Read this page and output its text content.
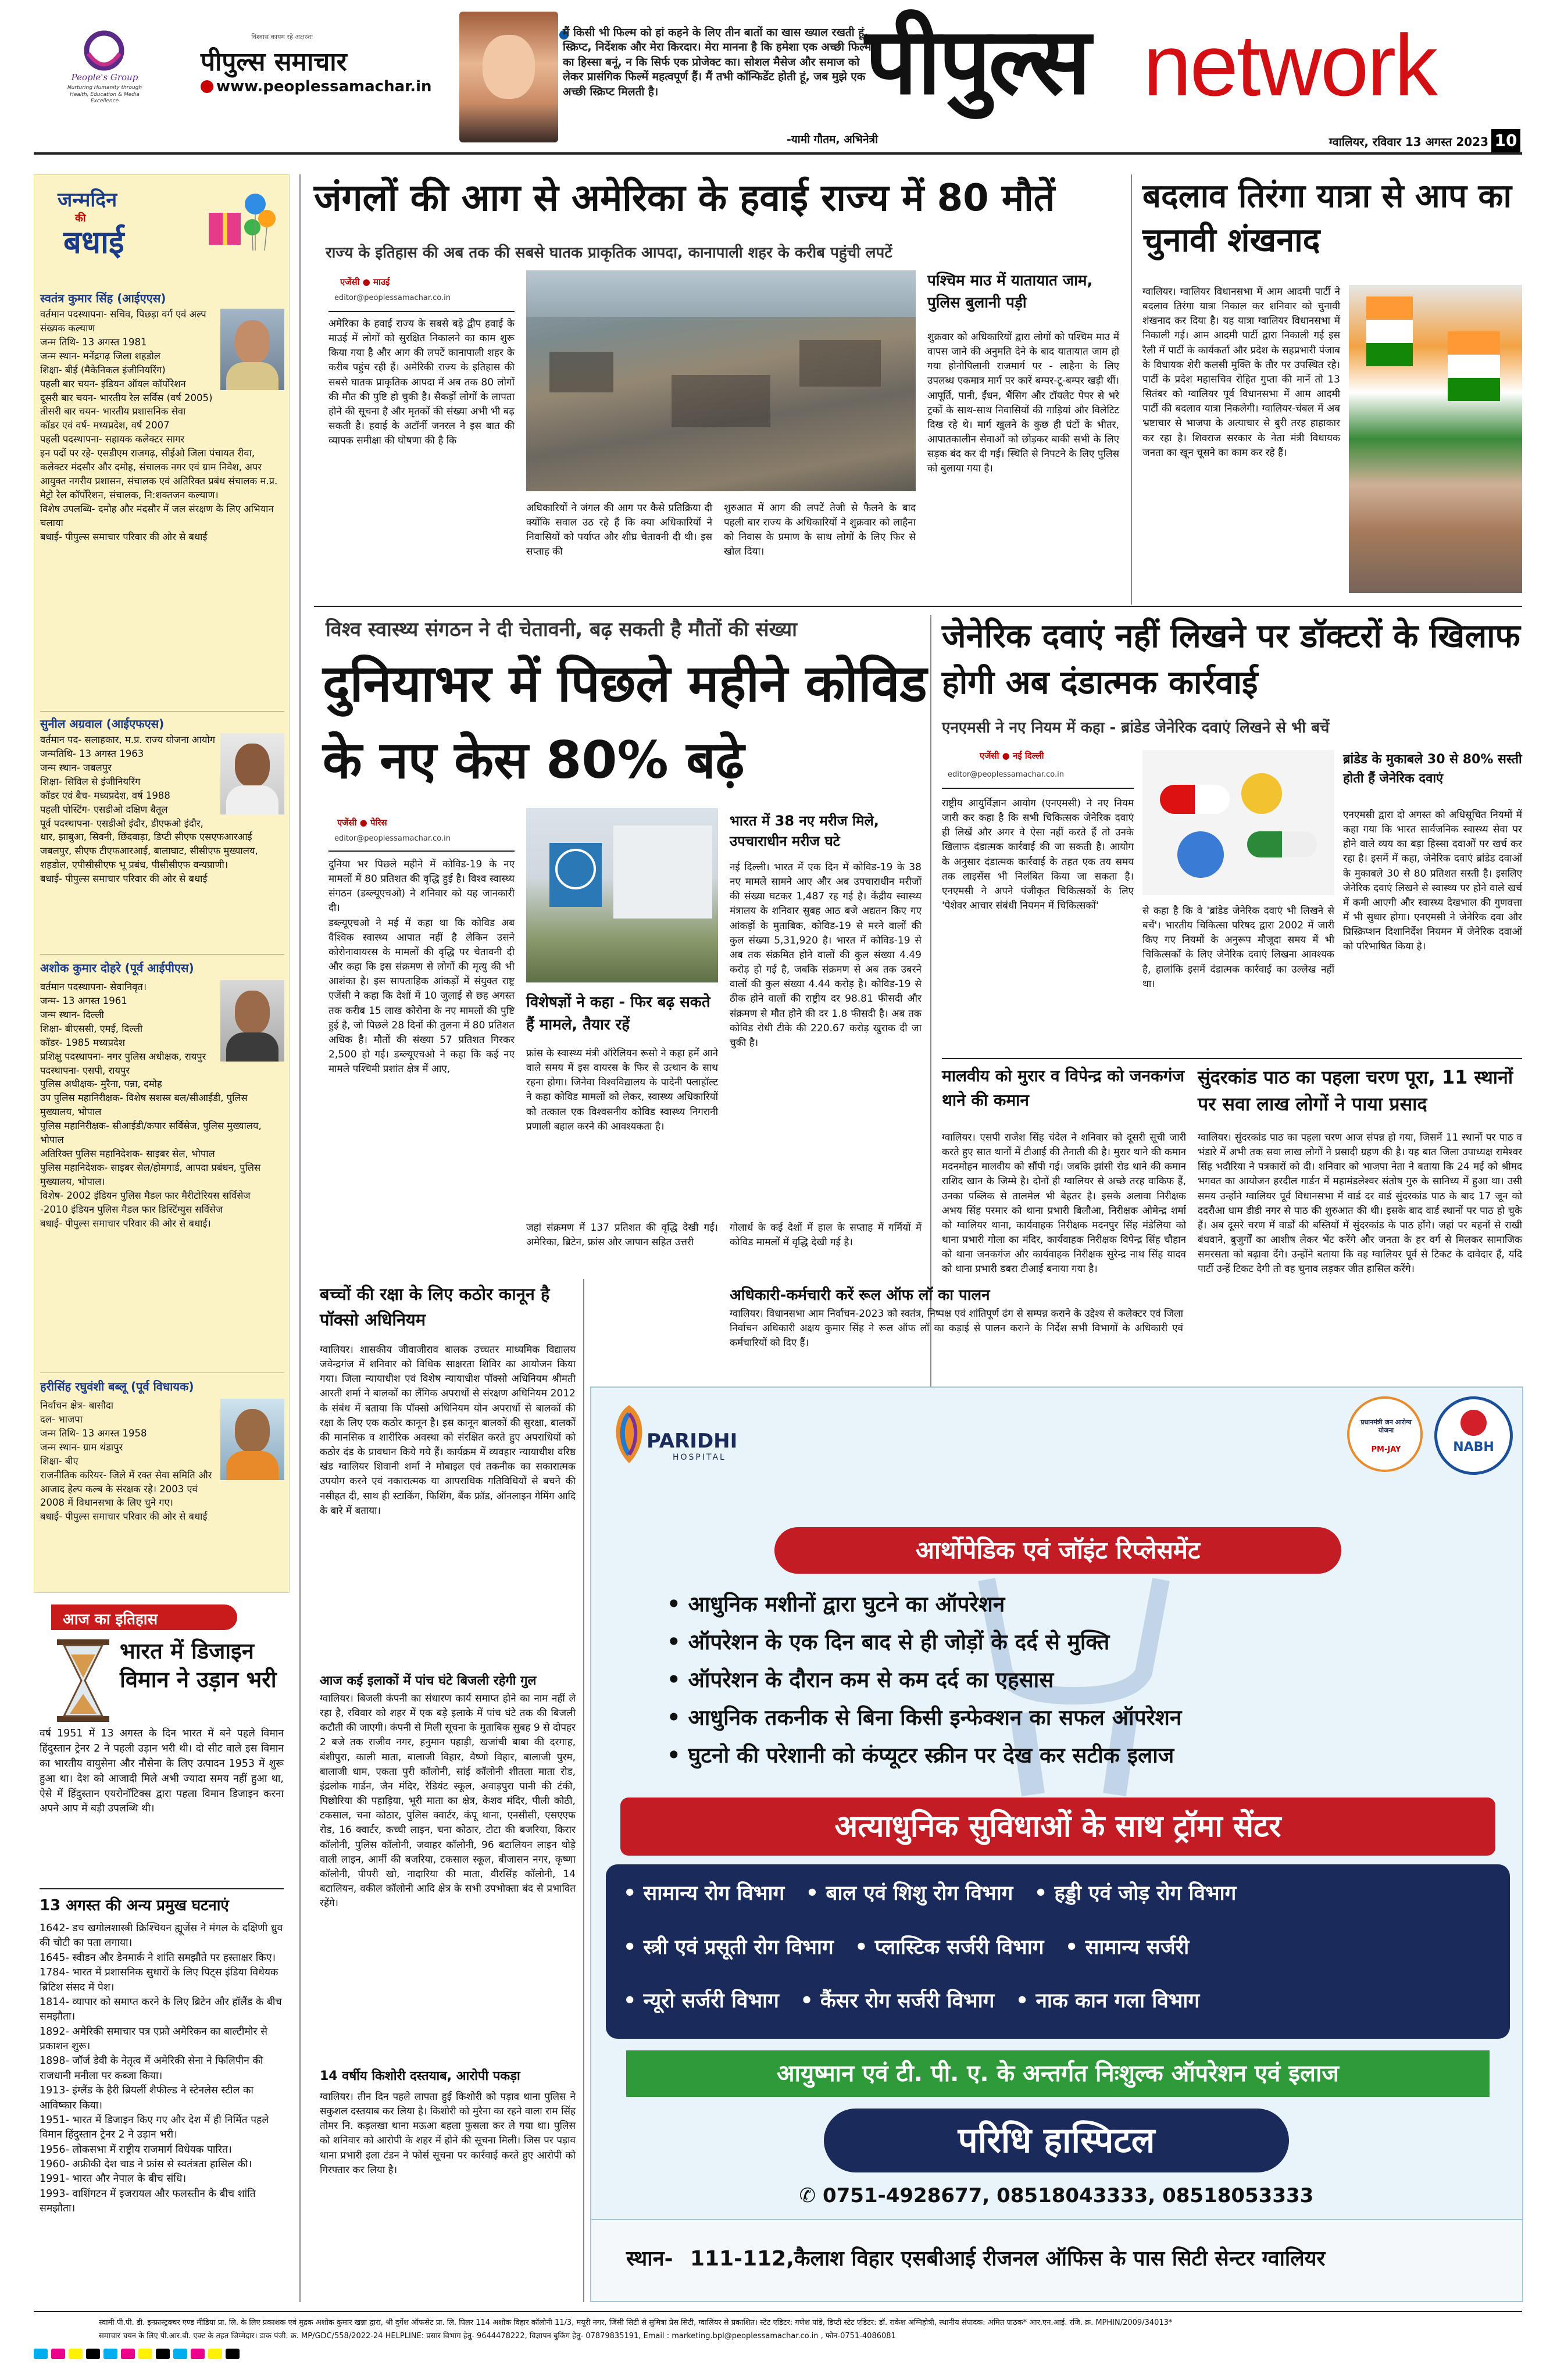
People's Group
Nurturing Humanity through Health, Education & Media Excellence
विश्वास कायम रहे अक्षरशः
पीपुल्स समाचार
www.peoplessamachar.in
मैं किसी भी फिल्म को हां कहने के लिए तीन बातों का खास ख्याल रखती हूं, स्क्रिप्ट, निर्देशक और मेरा किरदार। मेरा मानना है कि हमेशा एक अच्छी फिल्म का हिस्सा बनूं, न कि सिर्फ एक प्रोजेक्ट का। सोशल मैसेज और समाज को लेकर प्रासंगिक फिल्में महत्वपूर्ण हैं। मैं तभी कॉन्फिडेंट होती हूं, जब मुझे एक अच्छी स्क्रिप्ट मिलती है।
-यामी गौतम, अभिनेत्री
पीपुल्स network
ग्वालियर, रविवार 13 अगस्त 2023 10
जन्मदिन
की
बधाई
स्वतंत्र कुमार सिंह (आईएएस)
वर्तमान पदस्थापना- सचिव, पिछड़ा वर्ग एवं अल्प संख्यक कल्याण
जन्म तिथि- 13 अगस्त 1981
जन्म स्थान- मनेंद्रगढ़ जिला शहडोल
शिक्षा- बीई (मैकेनिकल इंजीनियरिंग)
पहली बार चयन- इंडियन ऑयल कॉर्पोरेशन
दूसरी बार चयन- भारतीय रेल सर्विस (वर्ष 2005)
तीसरी बार चयन- भारतीय प्रशासनिक सेवा
कॉडर एवं वर्ष- मध्यप्रदेश, वर्ष 2007
पहली पदस्थापना- सहायक कलेक्टर सागर
इन पदों पर रहे- एसडीएम राजगढ़, सीईओ जिला पंचायत रीवा, कलेक्टर मंदसौर और दमोह, संचालक नगर एवं ग्राम निवेश, अपर आयुक्त नगरीय प्रशासन, संचालक एवं अतिरिक्त प्रबंध संचालक म.प्र. मेट्रो रेल कॉर्पोरेशन, संचालक, नि:शक्तजन कल्याण।
विशेष उपलब्धि- दमोह और मंदसौर में जल संरक्षण के लिए अभियान चलाया
बधाई- पीपुल्स समाचार परिवार की ओर से बधाई
सुनील अग्रवाल (आईएफएस)
वर्तमान पद- सलाहकार, म.प्र. राज्य योजना आयोग
जन्मतिथि- 13 अगस्त 1963
जन्म स्थान- जबलपुर
शिक्षा- सिविल से इंजीनियरिंग
कॉडर एवं बैच- मध्यप्रदेश, वर्ष 1988
पहली पोस्टिंग- एसडीओ दक्षिण बैतूल
पूर्व पदस्थापना- एसडीओ इंदौर, डीएफओ इंदौर, धार, झाबुआ, सिवनी, छिंदवाड़ा, डिप्टी सीएफ एसएफआरआई जबलपुर, सीएफ टीएफआरआई, बालाघाट, सीसीएफ मुख्यालय, शहडोल, एपीसीसीएफ भू प्रबंध, पीसीसीएफ वन्यप्राणी।
बधाई- पीपुल्स समाचार परिवार की ओर से बधाई
अशोक कुमार दोहरे (पूर्व आईपीएस)
वर्तमान पदस्थापना- सेवानिवृत।
जन्म- 13 अगस्त 1961
जन्म स्थान- दिल्ली
शिक्षा- बीएससी, एमई, दिल्ली
कॉडर- 1985 मध्यप्रदेश
प्रशिक्षु पदस्थापना- नगर पुलिस अधीक्षक, रायपुर
पदस्थापना- एसपी, रायपुर
पुलिस अधीक्षक- मुरैना, पन्ना, दमोह
उप पुलिस महानिरीक्षक- विशेष सशस्त्र बल/सीआईडी, पुलिस मुख्यालय, भोपाल
पुलिस महानिरीक्षक- सीआईडी/कपार सर्विसेज, पुलिस मुख्यालय, भोपाल
अतिरिक्त पुलिस महानिदेशक- साइबर सेल, भोपाल
पुलिस महानिदेशक- साइबर सेल/होमगार्ड, आपदा प्रबंधन, पुलिस मुख्यालय, भोपाल।
विशेष- 2002 इंडियन पुलिस मैडल फार मैरीटोरियस सर्विसेज
-2010 इंडियन पुलिस मैडल फार डिस्टिंग्युस सर्विसेज
बधाई- पीपुल्स समाचार परिवार की ओर से बधाई।
हरीसिंह रघुवंशी बब्लू (पूर्व विधायक)
निर्वाचन क्षेत्र- बासौदा
दल- भाजपा
जन्म तिथि- 13 अगस्त 1958
जन्म स्थान- ग्राम थंडापुर
शिक्षा- बीए
राजनीतिक करियर- जिले में रक्त सेवा समिति और आजाद हेल्प कल्ब के संरक्षक रहे। 2003 एवं 2008 में विधानसभा के लिए चुने गए।
बधाई- पीपुल्स समाचार परिवार की ओर से बधाई
आज का इतिहास
भारत में डिजाइन विमान ने उड़ान भरी
वर्ष 1951 में 13 अगस्त के दिन भारत में बने पहले विमान हिंदुस्तान ट्रेनर 2 ने पहली उड़ान भरी थी। दो सीट वाले इस विमान का भारतीय वायुसेना और नौसेना के लिए उत्पादन 1953 में शुरू हुआ था। देश को आजादी मिले अभी ज्यादा समय नहीं हुआ था, ऐसे में हिंदुस्तान एयरोनॉटिक्स द्वारा पहला विमान डिजाइन करना अपने आप में बड़ी उपलब्धि थी।
13 अगस्त की अन्य प्रमुख घटनाएं
1642- डच खगोलशास्त्री क्रिश्चियन ह्यूजेंस ने मंगल के दक्षिणी ध्रुव की चोटी का पता लगाया।
1645- स्वीडन और डेनमार्क ने शांति समझौते पर हस्ताक्षर किए।
1784- भारत में प्रशासनिक सुधारों के लिए पिट्स इंडिया विधेयक ब्रिटिश संसद में पेश।
1814- व्यापार को समाप्त करने के लिए ब्रिटेन और हॉलैंड के बीच समझौता।
1892- अमेरिकी समाचार पत्र एफ्रो अमेरिकन का बाल्टीमोर से प्रकाशन शुरू।
1898- जॉर्ज डेवी के नेतृत्व में अमेरिकी सेना ने फिलिपीन की राजधानी मनीला पर कब्जा किया।
1913- इंग्लैंड के हैरी ब्रियर्ली शैफील्ड ने स्टेनलेस स्टील का आविष्कार किया।
1951- भारत में डिजाइन किए गए और देश में ही निर्मित पहले विमान हिंदुस्तान ट्रेनर 2 ने उड़ान भरी।
1956- लोकसभा में राष्ट्रीय राजमार्ग विधेयक पारित।
1960- अफ्रीकी देश चाड ने फ्रांस से स्वतंत्रता हासिल की।
1991- भारत और नेपाल के बीच संधि।
1993- वाशिंगटन में इजरायल और फलस्तीन के बीच शांति समझौता।
जंगलों की आग से अमेरिका के हवाई राज्य में 80 मौतें
राज्य के इतिहास की अब तक की सबसे घातक प्राकृतिक आपदा, कानापाली शहर के करीब पहुंची लपटें
एजेंसी ● माउई
editor@peoplessamachar.co.in
अमेरिका के हवाई राज्य के सबसे बड़े द्वीप हवाई के माउई में लोगों को सुरक्षित निकालने का काम शुरू किया गया है और आग की लपटें कानापाली शहर के करीब पहुंच रही हैं। अमेरिकी राज्य के इतिहास की सबसे घातक प्राकृतिक आपदा में अब तक 80 लोगों की मौत की पुष्टि हो चुकी है। सैकड़ों लोगों के लापता होने की सूचना है और मृतकों की संख्या अभी भी बढ़ सकती है। हवाई के अटॉर्नी जनरल ने इस बात की व्यापक समीक्षा की घोषणा की है कि
अधिकारियों ने जंगल की आग पर कैसे प्रतिक्रिया दी क्योंकि सवाल उठ रहे हैं कि क्या अधिकारियों ने निवासियों को पर्याप्त और शीघ्र चेतावनी दी थी। इस सप्ताह की
शुरुआत में आग की लपटें तेजी से फैलने के बाद पहली बार राज्य के अधिकारियों ने शुक्रवार को लाहैना को निवास के प्रमाण के साथ लोगों के लिए फिर से खोल दिया।
पश्चिम माउ में यातायात जाम, पुलिस बुलानी पड़ी
शुक्रवार को अधिकारियों द्वारा लोगों को पश्चिम माउ में वापस जाने की अनुमति देने के बाद यातायात जाम हो गया होनोपिलानी राजमार्ग पर - लाहैना के लिए उपलब्ध एकमात्र मार्ग पर कारें बम्पर-टू-बम्पर खड़ी थीं। आपूर्ति, पानी, ईंधन, भैंसिग और टॉयलेट पेपर से भरे ट्रकों के साथ-साथ निवासियों की गाड़ियां और विलेटिट दिख रहे थे। मार्ग खुलने के कुछ ही घंटों के भीतर, आपातकालीन सेवाओं को छोड़कर बाकी सभी के लिए सड़क बंद कर दी गई। स्थिति से निपटने के लिए पुलिस को बुलाया गया है।
बदलाव तिरंगा यात्रा से आप का चुनावी शंखनाद
ग्वालियर। ग्वालियर विधानसभा में आम आदमी पार्टी ने बदलाव तिरंगा यात्रा निकाल कर शनिवार को चुनावी शंखनाद कर दिया है। यह यात्रा ग्वालियर विधानसभा में निकाली गई। आम आदमी पार्टी द्वारा निकाली गई इस रैली में पार्टी के कार्यकर्ता और प्रदेश के सहप्रभारी पंजाब के विधायक शेरी कलसी मुक्ति के तौर पर उपस्थित रहे। पार्टी के प्रदेश महासचिव रोहित गुप्ता की मानें तो 13 सितंबर को ग्वालियर पूर्व विधानसभा में आम आदमी पार्टी की बदलाव यात्रा निकलेगी। ग्वालियर-चंबल में अब भ्रष्टाचार से भाजपा के अत्याचार से बुरी तरह हाहाकार कर रहा है। शिवराज सरकार के नेता मंत्री विधायक जनता का खून चूसने का काम कर रहे हैं।
विश्व स्वास्थ्य संगठन ने दी चेतावनी, बढ़ सकती है मौतों की संख्या
दुनियाभर में पिछले महीने कोविड के नए केस 80% बढ़े
एजेंसी ● पेरिस
editor@peoplessamachar.co.in
दुनिया भर पिछले महीने में कोविड-19 के नए मामलों में 80 प्रतिशत की वृद्धि हुई है। विश्व स्वास्थ्य संगठन (डब्ल्यूएचओ) ने शनिवार को यह जानकारी दी।
डब्ल्यूएचओ ने मई में कहा था कि कोविड अब वैश्विक स्वास्थ्य आपात नहीं है लेकिन उसने कोरोनावायरस के मामलों की वृद्धि पर चेतावनी दी और कहा कि इस संक्रमण से लोगों की मृत्यु की भी आशंका है। इस सापताहिक आंकड़ों में संयुक्त राष्ट्र एजेंसी ने कहा कि देशों में 10 जुलाई से छह अगस्त तक करीब 15 लाख कोरोना के नए मामलों की पुष्टि हुई है, जो पिछले 28 दिनों की तुलना में 80 प्रतिशत अधिक है। मौतों की संख्या 57 प्रतिशत गिरकर 2,500 हो गई। डब्ल्यूएचओ ने कहा कि कई नए मामले पश्चिमी प्रशांत क्षेत्र में आए,
विशेषज्ञों ने कहा - फिर बढ़ सकते हैं मामले, तैयार रहें
फ्रांस के स्वास्थ्य मंत्री ऑरेलियन रूसो ने कहा हमें आने वाले समय में इस वायरस के फिर से उत्थान के साथ रहना होगा। जिनेवा विश्वविद्यालय के पादेनी फ्लाहॉल्ट ने कहा कोविड मामलों को लेकर, स्वास्थ्य अधिकारियों को तत्काल एक विश्वसनीय कोविड स्वास्थ्य निगरानी प्रणाली बहाल करने की आवश्यकता है।
जहां संक्रमण में 137 प्रतिशत की वृद्धि देखी गई। अमेरिका, ब्रिटेन, फ्रांस और जापान सहित उत्तरी
भारत में 38 नए मरीज मिले, उपचाराधीन मरीज घटे
नई दिल्ली। भारत में एक दिन में कोविड-19 के 38 नए मामले सामने आए और अब उपचाराधीन मरीजों की संख्या घटकर 1,487 रह गई है। केंद्रीय स्वास्थ्य मंत्रालय के शनिवार सुबह आठ बजे अद्यतन किए गए आंकड़ों के मुताबिक, कोविड-19 से मरने वालों की कुल संख्या 5,31,920 है। भारत में कोविड-19 से अब तक संक्रमित होने वालों की कुल संख्या 4.49 करोड़ हो गई है, जबकि संक्रमण से अब तक उबरने वालों की कुल संख्या 4.44 करोड़ है। कोविड-19 से ठीक होने वालों की राष्ट्रीय दर 98.81 फीसदी और संक्रमण से मौत होने की दर 1.8 फीसदी है। अब तक कोविड रोधी टीके की 220.67 करोड़ खुराक दी जा चुकी है।
गोलार्ध के कई देशों में हाल के सप्ताह में गर्मियों में कोविड मामलों में वृद्धि देखी गई है।
जेनेरिक दवाएं नहीं लिखने पर डॉक्टरों के खिलाफ होगी अब दंडात्मक कार्रवाई
एनएमसी ने नए नियम में कहा - ब्रांडेड जेनेरिक दवाएं लिखने से भी बचें
एजेंसी ● नई दिल्ली
editor@peoplessamachar.co.in
राष्ट्रीय आयुर्विज्ञान आयोग (एनएमसी) ने नए नियम जारी कर कहा है कि सभी चिकित्सक जेनेरिक दवाएं ही लिखें और अगर वे ऐसा नहीं करते हैं तो उनके खिलाफ दंडात्मक कार्रवाई की जा सकती है। आयोग के अनुसार दंडात्मक कार्रवाई के तहत एक तय समय तक लाइसेंस भी निलंबित किया जा सकता है। एनएमसी ने अपने पंजीकृत चिकित्सकों के लिए 'पेशेवर आचार संबंधी नियमन में चिकित्सकों'	से कहा है कि वे 'ब्रांडेड जेनेरिक दवाएं भी लिखने से बचें'। भारतीय चिकित्सा परिषद द्वारा 2002 में जारी किए गए नियमों के अनुरूप मौजूदा समय में भी चिकित्सकों के लिए जेनेरिक दवाएं लिखना आवश्यक है, हालांकि इसमें दंडात्मक कार्रवाई का उल्लेख नहीं था।
ब्रांडेड के मुकाबले 30 से 80% सस्ती होती हैं जेनेरिक दवाएं
एनएमसी द्वारा दो अगस्त को अधिसूचित नियमों में कहा गया कि भारत सार्वजनिक स्वास्थ्य सेवा पर होने वाले व्यय का बड़ा हिस्सा दवाओं पर खर्च कर रहा है। इसमें में कहा, जेनेरिक दवाएं ब्रांडेड दवाओं के मुकाबले 30 से 80 प्रतिशत सस्ती है। इसलिए जेनेरिक दवाएं लिखने से स्वास्थ्य पर होने वाले खर्च में कमी आएगी और स्वास्थ्य देखभाल की गुणवत्ता में भी सुधार होगा। एनएमसी ने जेनेरिक दवा और प्रिस्क्रिप्शन दिशानिर्देश नियमन में जेनेरिक दवाओं को परिभाषित किया है।
मालवीय को मुरार व विपेन्द्र को जनकगंज थाने की कमान
ग्वालियर। एसपी राजेश सिंह चंदेल ने शनिवार को दूसरी सूची जारी करते हुए सात थानों में टीआई की तैनाती की है। मुरार थाने की कमान मदनमोहन मालवीय को सौंपी गई। जबकि झांसी रोड थाने की कमान राशिद खान के जिम्मे है। दोनों ही ग्वालियर से अच्छे तरह वाकिफ हैं, उनका पब्लिक से तालमेल भी बेहतर है। इसके अलावा निरीक्षक अभय सिंह परमार को थाना प्रभारी बिलौआ, निरीक्षक ओमेन्द्र शर्मा को ग्वालियर थाना, कार्यवाहक निरीक्षक मदनपुर सिंह मंडेलिया को थाना प्रभारी गोला का मंदिर, कार्यवाहक निरीक्षक विपेन्द्र सिंह चौहान को थाना जनकगंज और कार्यवाहक निरीक्षक सुरेन्द्र नाथ सिंह यादव को थाना प्रभारी डबरा टीआई बनाया गया है।
सुंदरकांड पाठ का पहला चरण पूरा, 11 स्थानों पर सवा लाख लोगों ने पाया प्रसाद
ग्वालियर। सुंदरकांड पाठ का पहला चरण आज संपन्न हो गया, जिसमें 11 स्थानों पर पाठ व भंडारे में अभी तक सवा लाख लोगों ने प्रसादी ग्रहण की है। यह बात जिला उपाध्यक्ष रामेश्वर सिंह भदौरिया ने पत्रकारों को दी। शनिवार को भाजपा नेता ने बताया कि 24 मई को श्रीमद भगवत का आयोजन हरदील गार्डन में महामंडलेश्वर संतोष गुरु के सानिध्य में हुआ था। उसी समय उन्होंने ग्वालियर पूर्व विधानसभा में वार्ड दर वार्ड सुंदरकांड पाठ के बाद 17 जून को ददरौआ धाम डीडी नगर से पाठ की शुरुआत की थी। इसके बाद वार्ड स्थानों पर पाठ हो चुके हैं। अब दूसरे चरण में वार्डों की बस्तियों में सुंदरकांड के पाठ होंगे। जहां पर बहनों से राखी बंधवाने, बुजुर्गों का आशीष लेकर भेंट करेंगे और जनता के हर वर्ग से मिलकर सामाजिक समरसता को बढ़ावा देंगे। उन्होंने बताया कि वह ग्वालियर पूर्व से टिकट के दावेदार हैं, यदि पार्टी उन्हें टिकट देगी तो वह चुनाव लड़कर जीत हासिल करेंगे।
अधिकारी-कर्मचारी करें रूल ऑफ लॉ का पालन
ग्वालियर। विधानसभा आम निर्वाचन-2023 को स्वतंत्र, निष्पक्ष एवं शांतिपूर्ण ढंग से सम्पन्न कराने के उद्देश्य से कलेक्टर एवं जिला निर्वाचन अधिकारी अक्षय कुमार सिंह ने रूल ऑफ लॉ का कड़ाई से पालन कराने के निर्देश सभी विभागों के अधिकारी एवं कर्मचारियों को दिए हैं।
बच्चों की रक्षा के लिए कठोर कानून है पॉक्सो अधिनियम
ग्वालियर। शासकीय जीवाजीराव बालक उच्चतर माध्यमिक विद्यालय जवेन्द्रगंज में शनिवार को विधिक साक्षरता शिविर का आयोजन किया गया। जिला न्यायाधीश एवं विशेष न्यायाधीश पॉक्सो अधिनियम श्रीमती आरती शर्मा ने बालकों का लैंगिक अपराधों से संरक्षण अधिनियम 2012 के संबंध में बताया कि पॉक्सो अधिनियम योन अपराधों से बालकों की रक्षा के लिए एक कठोर कानून है। इस कानून बालकों की सुरक्षा, बालकों की मानसिक व शारीरिक अवस्था को संरक्षित करते हुए अपराधियों को कठोर दंड के प्रावधान किये गये हैं। कार्यक्रम में व्यवहार न्यायाधीश वरिष्ठ खंड ग्वालियर शिवानी शर्मा ने मोबाइल एवं तकनीक का सकारात्मक उपयोग करने एवं नकारात्मक या आपराधिक गतिविधियों से बचने की नसीहत दी, साथ ही स्टाकिंग, फिशिंग, बैंक फ्रॉड, ऑनलाइन गेमिंग आदि के बारे में बताया।
आज कई इलाकों में पांच घंटे बिजली रहेगी गुल
ग्वालियर। बिजली कंपनी का संधारण कार्य समाप्त होने का नाम नहीं ले रहा है, रविवार को शहर में एक बड़े इलाके में पांच घंटे तक की बिजली कटौती की जाएगी। कंपनी से मिली सूचना के मुताबिक सुबह 9 से दोपहर 2 बजे तक राजीव नगर, हनुमान पहाड़ी, खजांची बाबा की दरगाह, बंशीपुरा, काली माता, बालाजी विहार, वैष्णो विहार, बालाजी पुरम, बालाजी धाम, एकता पुरी कॉलोनी, सांई कॉलोनी शीतला माता रोड, इंद्रलोक गार्डन, जैन मंदिर, रेडियंट स्कूल, अवाड़पुरा पानी की टंकी, पिछोरिया की पहाड़िया, भूरी माता का क्षेत्र, केशव मंदिर, पीली कोठी, टकसाल, चना कोठार, पुलिस क्वार्टर, कंपू थाना, एनसीसी, एसएएफ रोड, 16 क्वार्टर, कच्ची लाइन, चना कोठार, टोटा की बजरिया, किरार कॉलोनी, पुलिस कॉलोनी, जवाहर कॉलोनी, 96 बटालियन लाइन थोड़े वाली लाइन, आर्मी की बजरिया, टकसाल स्कूल, बीजासन नगर, कृष्णा कॉलोनी, पीपरी खो, नादारिया की माता, वीरसिंह कॉलोनी, 14 बटालियन, वकील कॉलोनी आदि क्षेत्र के सभी उपभोक्ता बंद से प्रभावित रहेंगे।
14 वर्षीय किशोरी दस्तयाब, आरोपी पकड़ा
ग्वालियर। तीन दिन पहले लापता हुई किशोरी को पड़ाव थाना पुलिस ने सकुशल दस्तयाब कर लिया है। किशोरी को मुरैना का रहने वाला राम सिंह तोमर नि. कड़लखा थाना मऊआ बहला फुसला कर ले गया था। पुलिस को शनिवार को आरोपी के शहर में होने की सूचना मिली। जिस पर पड़ाव थाना प्रभारी इला टंडन ने फोर्स सूचना पर कार्रवाई करते हुए आरोपी को गिरफ्तार कर लिया है।
PARIDHI
HOSPITAL
प्रधानमंत्री जन आरोग्य योजना
PM-JAY	NABH
आर्थोपेडिक एवं जॉइंट रिप्लेसमेंट
• आधुनिक मशीनों द्वारा घुटने का ऑपरेशन
• ऑपरेशन के एक दिन बाद से ही जोड़ों के दर्द से मुक्ति
• ऑपरेशन के दौरान कम से कम दर्द का एहसास
• आधुनिक तकनीक से बिना किसी इन्फेक्शन का सफल ऑपरेशन
• घुटनो की परेशानी को कंप्यूटर स्क्रीन पर देख कर सटीक इलाज
अत्याधुनिक सुविधाओं के साथ ट्रॉमा सेंटर
• सामान्य रोग विभाग   • बाल एवं शिशु रोग विभाग   • हड्डी एवं जोड़ रोग विभाग
• स्त्री एवं प्रसूती रोग विभाग   • प्लास्टिक सर्जरी विभाग   • सामान्य सर्जरी
• न्यूरो सर्जरी विभाग   • कैंसर रोग सर्जरी विभाग   • नाक कान गला विभाग
आयुष्मान एवं टी. पी. ए. के अन्तर्गत निःशुल्क ऑपरेशन एवं इलाज
परिधि हास्पिटल
✆ 0751-4928677, 08518043333, 08518053333
स्थान- 111-112,कैलाश विहार एसबीआई रीजनल ऑफिस के पास सिटी सेन्टर ग्वालियर
स्वामी पी.पी. डी. इन्फ्रास्ट्रक्चर एण्ड मीडिया प्रा. लि. के लिए प्रकाशक एवं मुद्रक अशोक कुमार खन्ना द्वारा, श्री दुर्गेश ऑफसेट प्रा. लि. पिलर 114 अशोक विहार कॉलोनी 11/3, मयूरी नगर, जिंसी सिटी से सुमित्रा प्रेस सिटी, ग्वालियर से प्रकाशित। स्टेट एडिटर: गणेश पांडे, डिप्टी स्टेट एडिटर: डॉ. राकेश अग्निहोत्री, स्थानीय संपादक: अमित पाठक* आर.एन.आई. रजि. क्र. MPHIN/2009/34013*
समाचार चयन के लिए पी.आर.बी. एक्ट के तहत जिम्मेदार। डाक पंजी. क्र. MP/GDC/558/2022-24 HELPLINE: प्रसार विभाग हेतु- 9644478222, विज्ञापन बुकिंग हेतु- 07879835191, Email : marketing.bpl@peoplessamachar.co.in , फोन-0751-4086081
